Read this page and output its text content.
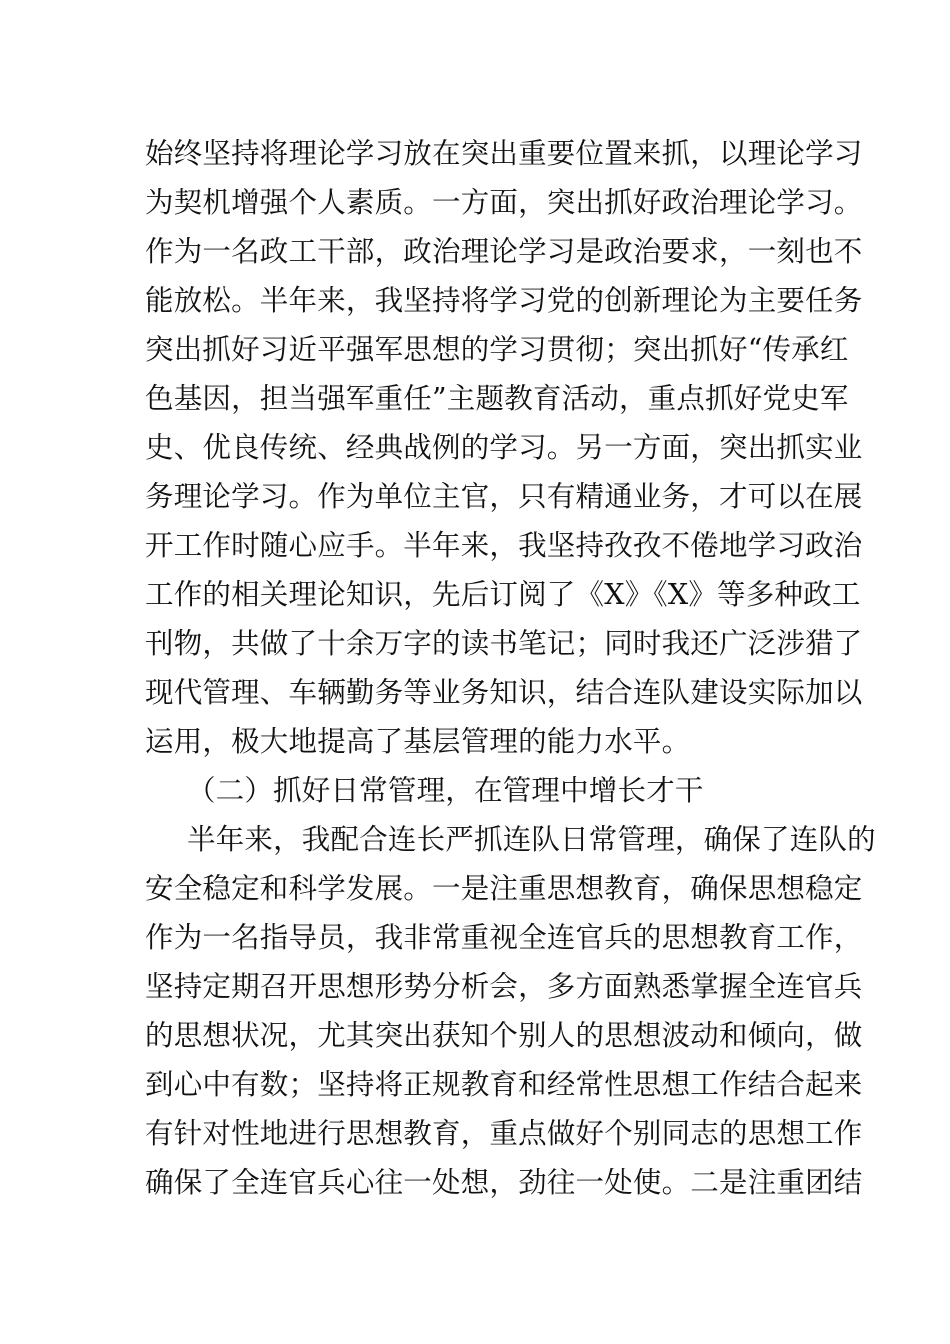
始终坚持将理论学习放在突出重要位置来抓，以理论学习
为契机增强个人素质。一方面，突出抓好政治理论学习。
作为一名政工干部，政治理论学习是政治要求，一刻也不
能放松。半年来，我坚持将学习党的创新理论为主要任务
突出抓好习近平强军思想的学习贯彻；突出抓好“传承红
色基因，担当强军重任”主题教育活动，重点抓好党史军
史、优良传统、经典战例的学习。另一方面，突出抓实业
务理论学习。作为单位主官，只有精通业务，才可以在展
开工作时随心应手。半年来，我坚持孜孜不倦地学习政治
工作的相关理论知识，先后订阅了《X》《X》等多种政工
刊物，共做了十余万字的读书笔记；同时我还广泛涉猎了
现代管理、车辆勤务等业务知识，结合连队建设实际加以
运用，极大地提高了基层管理的能力水平。
（二）抓好日常管理，在管理中增长才干
半年来，我配合连长严抓连队日常管理，确保了连队的
安全稳定和科学发展。一是注重思想教育，确保思想稳定
作为一名指导员，我非常重视全连官兵的思想教育工作，
坚持定期召开思想形势分析会，多方面熟悉掌握全连官兵
的思想状况，尤其突出获知个别人的思想波动和倾向，做
到心中有数；坚持将正规教育和经常性思想工作结合起来
有针对性地进行思想教育，重点做好个别同志的思想工作
确保了全连官兵心往一处想，劲往一处使。二是注重团结
